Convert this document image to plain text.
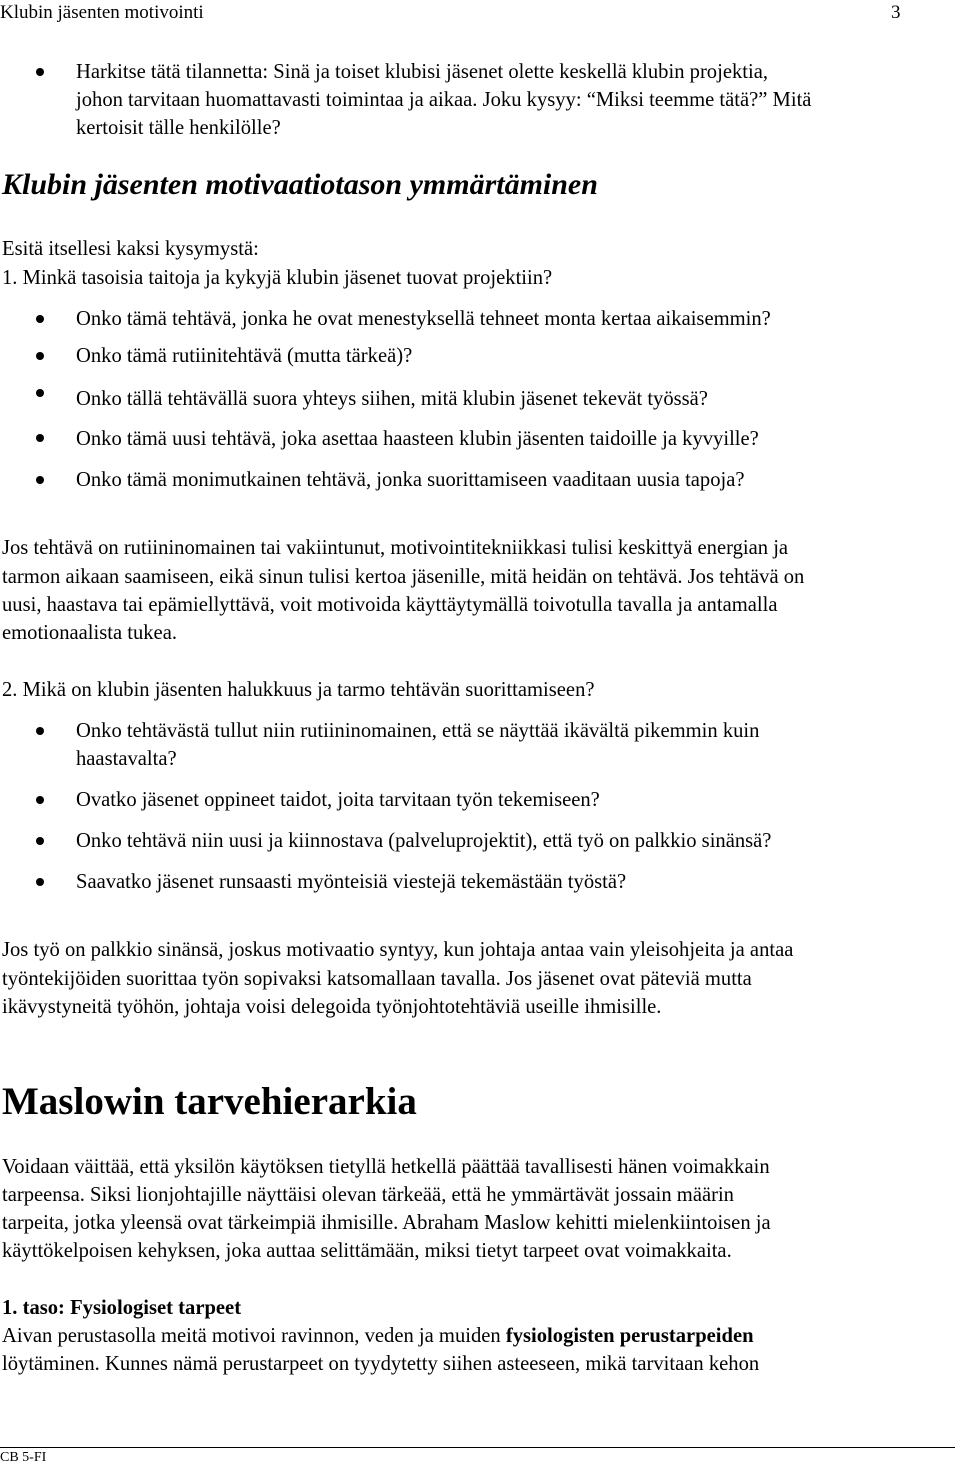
Klubin jäsenten motivointi	3
Harkitse tätä tilannetta: Sinä ja toiset klubisi jäsenet olette keskellä klubin projektia,
johon tarvitaan huomattavasti toimintaa ja aikaa. Joku kysyy: “Miksi teemme tätä?” Mitä
kertoisit tälle henkilölle?
Klubin jäsenten motivaatiotason ymmärtäminen
Esitä itsellesi kaksi kysymystä:
1. Minkä tasoisia taitoja ja kykyjä klubin jäsenet tuovat projektiin?
Onko tämä tehtävä, jonka he ovat menestyksellä tehneet monta kertaa aikaisemmin?
Onko tämä rutiinitehtävä (mutta tärkeä)?
Onko tällä tehtävällä suora yhteys siihen, mitä klubin jäsenet tekevät työssä?
Onko tämä uusi tehtävä, joka asettaa haasteen klubin jäsenten taidoille ja kyvyille?
Onko tämä monimutkainen tehtävä, jonka suorittamiseen vaaditaan uusia tapoja?
Jos tehtävä on rutiininomainen tai vakiintunut, motivointitekniikkasi tulisi keskittyä energian ja
tarmon aikaan saamiseen, eikä sinun tulisi kertoa jäsenille, mitä heidän on tehtävä. Jos tehtävä on
uusi, haastava tai epämiellyttävä, voit motivoida käyttäytymällä toivotulla tavalla ja antamalla
emotionaalista tukea.
2. Mikä on klubin jäsenten halukkuus ja tarmo tehtävän suorittamiseen?
Onko tehtävästä tullut niin rutiininomainen, että se näyttää ikävältä pikemmin kuin
haastavalta?
Ovatko jäsenet oppineet taidot, joita tarvitaan työn tekemiseen?
Onko tehtävä niin uusi ja kiinnostava (palveluprojektit), että työ on palkkio sinänsä?
Saavatko jäsenet runsaasti myönteisiä viestejä tekemästään työstä?
Jos työ on palkkio sinänsä, joskus motivaatio syntyy, kun johtaja antaa vain yleisohjeita ja antaa
työntekijöiden suorittaa työn sopivaksi katsomallaan tavalla. Jos jäsenet ovat päteviä mutta
ikävystyneitä työhön, johtaja voisi delegoida työnjohtotehtäviä useille ihmisille.
Maslowin tarvehierarkia
Voidaan väittää, että yksilön käytöksen tietyllä hetkellä päättää tavallisesti hänen voimakkain
tarpeensa. Siksi lionjohtajille näyttäisi olevan tärkeää, että he ymmärtävät jossain määrin
tarpeita, jotka yleensä ovat tärkeimpiä ihmisille. Abraham Maslow kehitti mielenkiintoisen ja
käyttökelpoisen kehyksen, joka auttaa selittämään, miksi tietyt tarpeet ovat voimakkaita.
1. taso: Fysiologiset tarpeet
Aivan perustasolla meitä motivoi ravinnon, veden ja muiden fysiologisten perustarpeiden
löytäminen. Kunnes nämä perustarpeet on tyydytetty siihen asteeseen, mikä tarvitaan kehon
CB 5-FI
